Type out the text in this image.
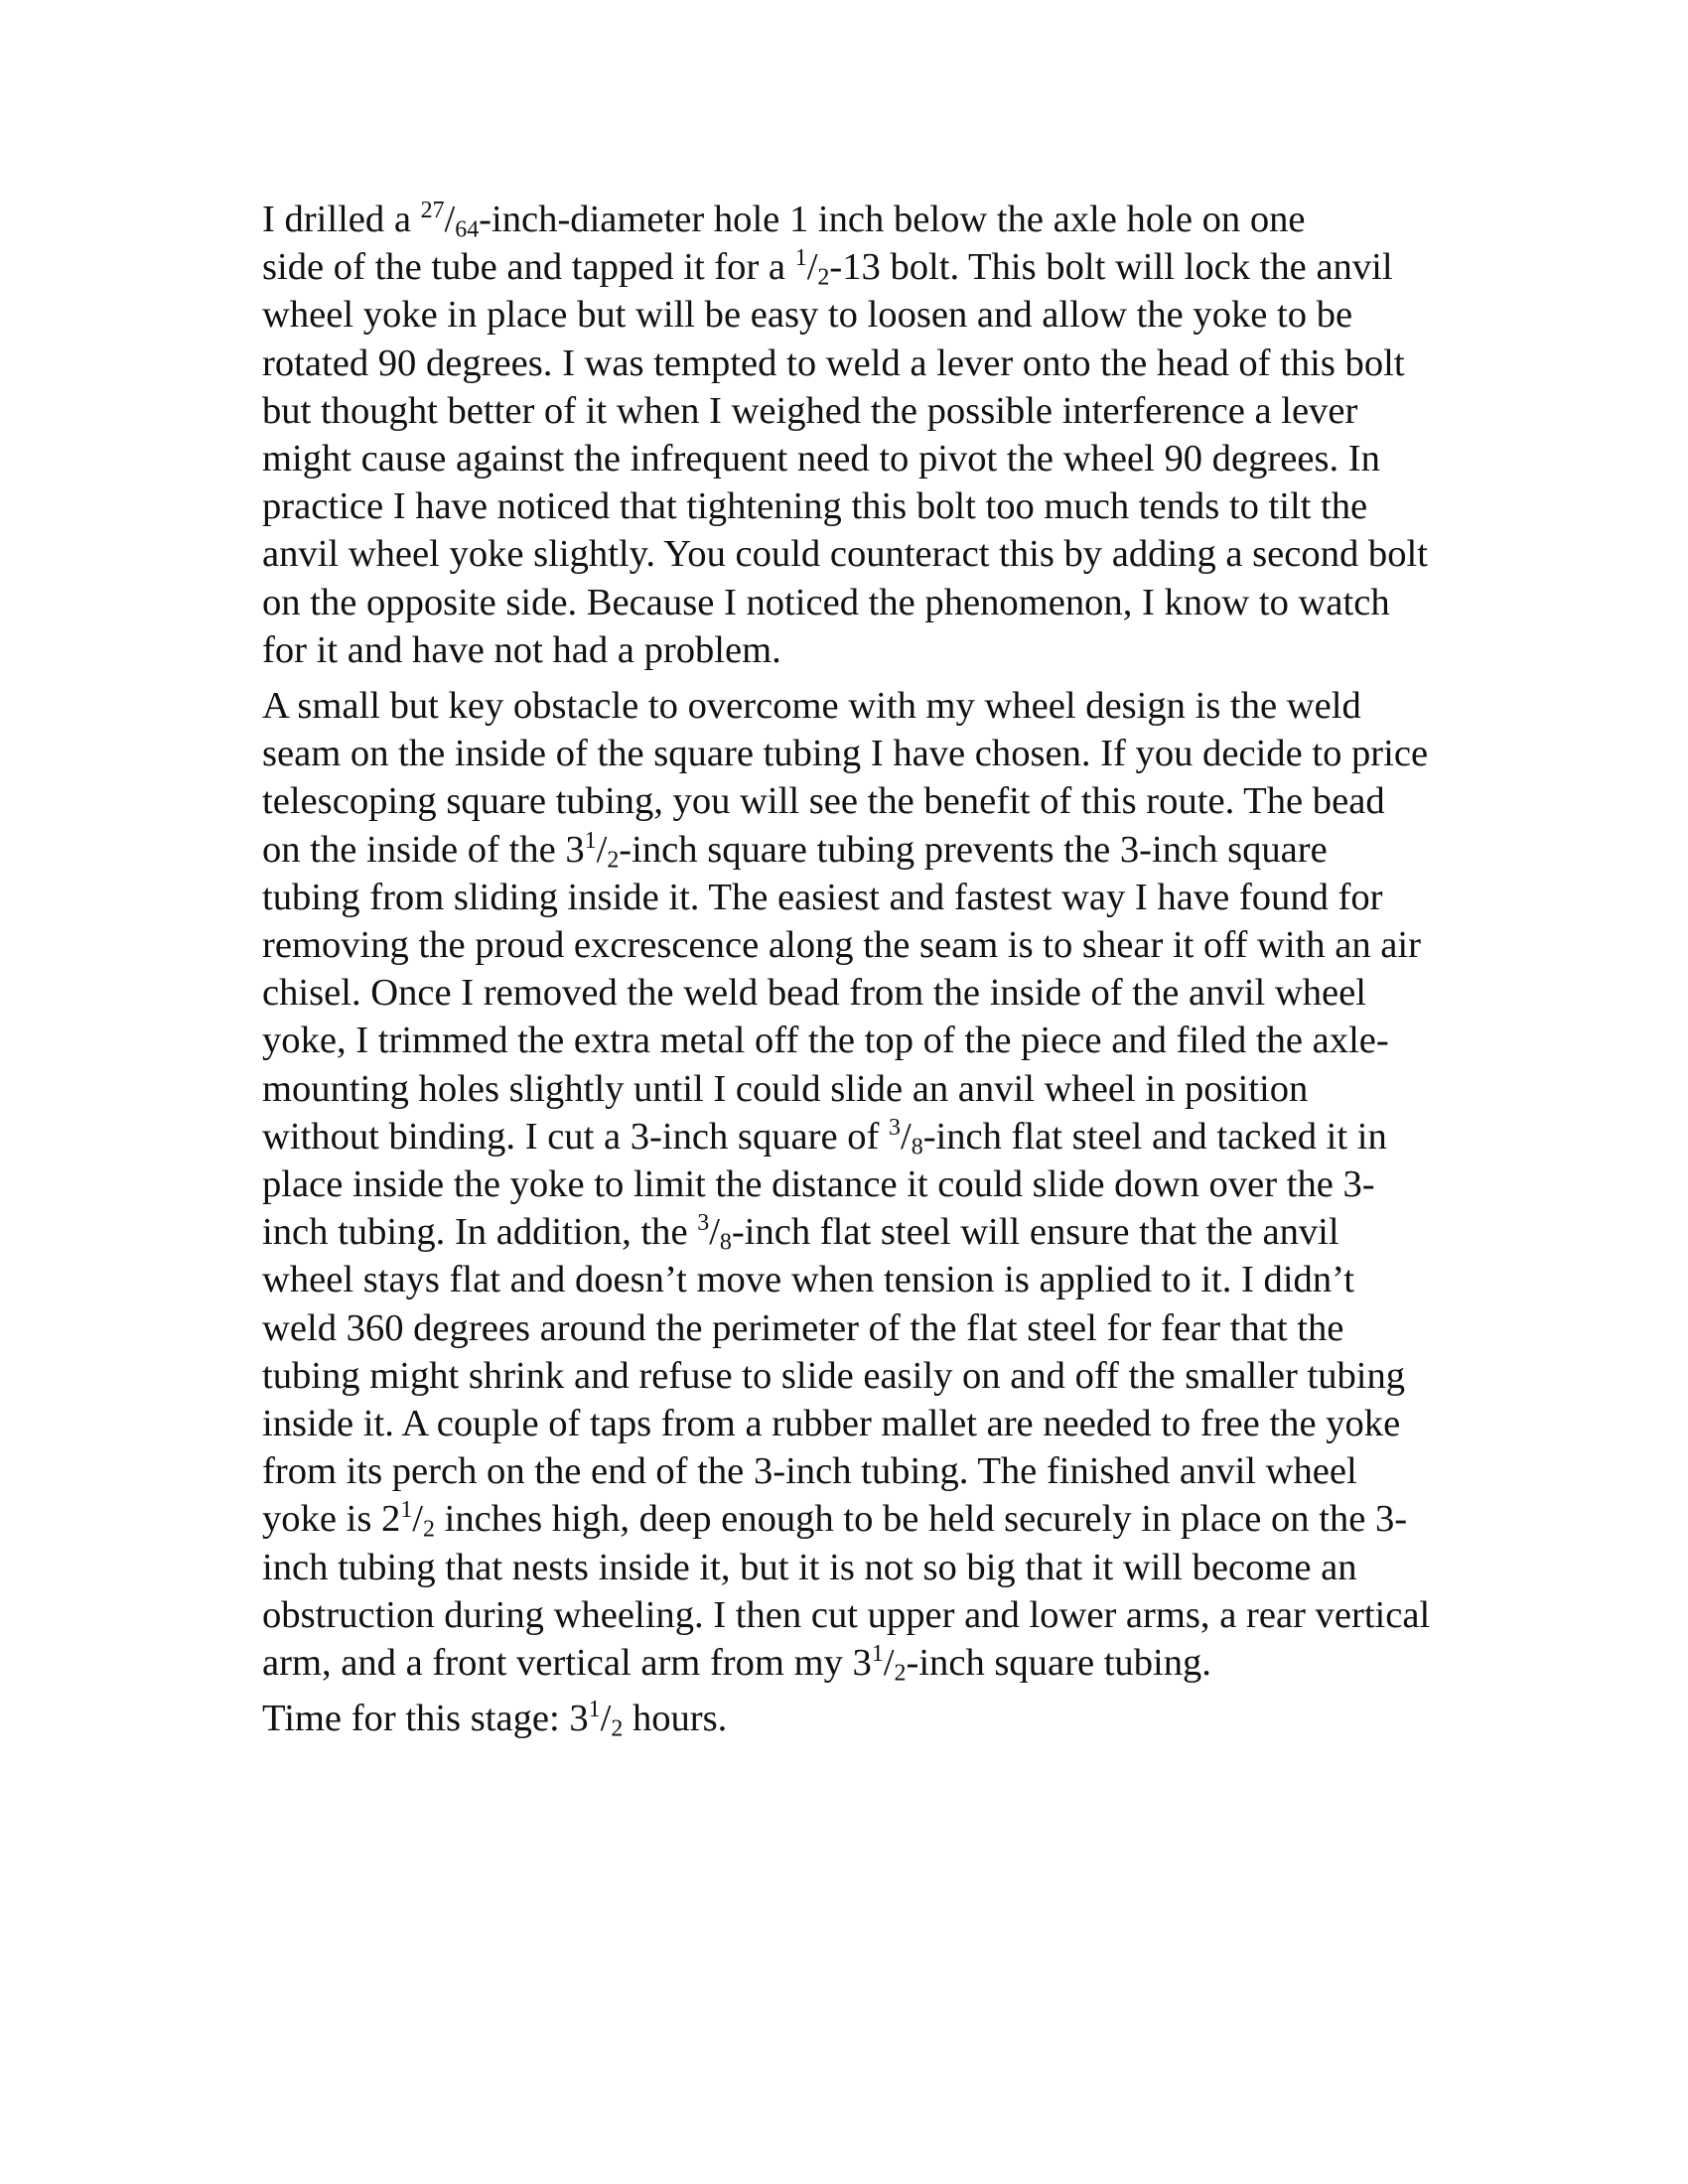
I drilled a $^{27}$/64-inch-diameter hole 1 inch below the axle hole on one
side of the tube and tapped it for a $^1$/2-13 bolt. This bolt will lock the anvil
wheel yoke in place but will be easy to loosen and allow the yoke to be
rotated 90 degrees. I was tempted to weld a lever onto the head of this bolt
but thought better of it when I weighed the possible interference a lever
might cause against the infrequent need to pivot the wheel 90 degrees. In
practice I have noticed that tightening this bolt too much tends to tilt the
anvil wheel yoke slightly. You could counteract this by adding a second bolt
on the opposite side. Because I noticed the phenomenon, I know to watch
for it and have not had a problem.

A small but key obstacle to overcome with my wheel design is the weld
seam on the inside of the square tubing I have chosen. If you decide to price
telescoping square tubing, you will see the benefit of this route. The bead
on the inside of the $3^1/2$-inch square tubing prevents the 3-inch square
tubing from sliding inside it. The easiest and fastest way I have found for
removing the proud excrescence along the seam is to shear it off with an air
chisel. Once I removed the weld bead from the inside of the anvil wheel
yoke, I trimmed the extra metal off the top of the piece and filed the axle-
mounting holes slightly until I could slide an anvil wheel in position
without binding. I cut a 3-inch square of $^3$/8-inch flat steel and tacked it in
place inside the yoke to limit the distance it could slide down over the 3-
inch tubing. In addition, the $^3$/8-inch flat steel will ensure that the anvil
wheel stays flat and doesn’t move when tension is applied to it. I didn’t
weld 360 degrees around the perimeter of the flat steel for fear that the
tubing might shrink and refuse to slide easily on and off the smaller tubing
inside it. A couple of taps from a rubber mallet are needed to free the yoke
from its perch on the end of the 3-inch tubing. The finished anvil wheel
yoke is $2^1/2$ inches high, deep enough to be held securely in place on the 3-
inch tubing that nests inside it, but it is not so big that it will become an
obstruction during wheeling. I then cut upper and lower arms, a rear vertical
arm, and a front vertical arm from my $3^1/2$-inch square tubing.

Time for this stage: $3^1/2$ hours.
